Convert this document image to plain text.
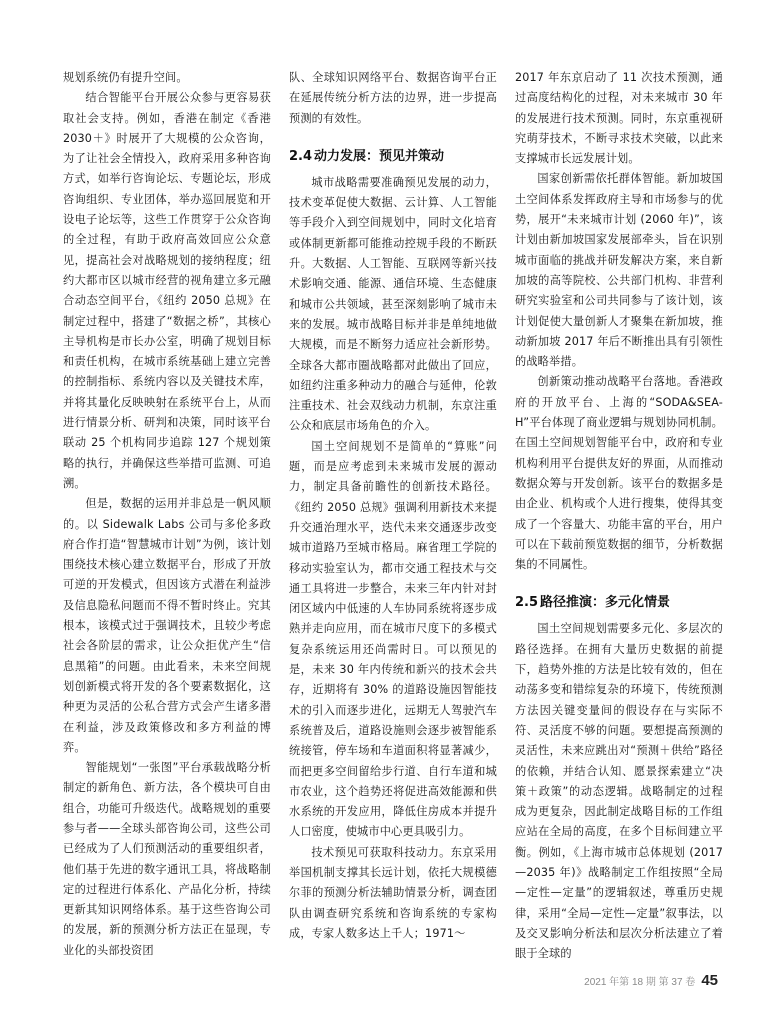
规划系统仍有提升空间。

结合智能平台开展公众参与更容易获取社会支持。例如，香港在制定《香港 2030＋》时展开了大规模的公众咨询，为了让社会全情投入，政府采用多种咨询方式，如举行咨询论坛、专题论坛，形成咨询组织、专业团体，举办巡回展览和开设电子论坛等，这些工作贯穿于公众咨询的全过程，有助于政府高效回应公众意见，提高社会对战略规划的接纳程度；纽约大都市区以城市经营的视角建立多元融合动态空间平台，《纽约 2050 总规》在制定过程中，搭建了“数据之桥”，其核心主导机构是市长办公室，明确了规划目标和责任机构，在城市系统基础上建立完善的控制指标、系统内容以及关键技术库，并将其量化反映映射在系统平台上，从而进行情景分析、研判和决策，同时该平台联动 25 个机构同步追踪 127 个规划策略的执行，并确保这些举措可监测、可追溯。

但是，数据的运用并非总是一帆风顺的。以 Sidewalk Labs 公司与多伦多政府合作打造“智慧城市计划”为例，该计划围绕技术核心建立数据平台，形成了开放可逆的开发模式，但因该方式潜在利益涉及信息隐私问题而不得不暂时终止。究其根本，该模式过于强调技术，且较少考虑社会各阶层的需求，让公众拒优产生“信息黑箱”的问题。由此看来，未来空间规划创新模式将开发的各个要素数据化，这种更为灵活的公私合营方式会产生诸多潜在利益，涉及政策修改和多方利益的博弈。

智能规划“一张图”平台承载战略分析制定的新角色、新方法，各个模块可自由组合，功能可升级迭代。战略规划的重要参与者——全球头部咨询公司，这些公司已经成为了人们预测活动的重要组织者，他们基于先进的数字通讯工具，将战略制定的过程进行体系化、产品化分析，持续更新其知识网络体系。基于这些咨询公司的发展，新的预测分析方法正在显现，专业化的头部投资团

队、全球知识网络平台、数据咨询平台正在延展传统分析方法的边界，进一步提高预测的有效性。

2.4 动力发展：预见并策动

城市战略需要准确预见发展的动力，技术变革促使大数据、云计算、人工智能等手段介入到空间规划中，同时文化培育或体制更新都可能推动控规手段的不断跃升。大数据、人工智能、互联网等新兴技术影响交通、能源、通信环境、生态健康和城市公共领域，甚至深刻影响了城市未来的发展。城市战略目标并非是单纯地做大规模，而是不断努力适应社会新形势。全球各大都市圈战略都对此做出了回应，如纽约注重多种动力的融合与延伸，伦敦注重技术、社会双线动力机制，东京注重公众和底层市场角色的介入。

国土空间规划不是简单的“算账”问题，而是应考虑到未来城市发展的源动力，制定具备前瞻性的创新技术路径。《纽约 2050 总规》强调利用新技术来提升交通治理水平，迭代未来交通逐步改变城市道路乃至城市格局。麻省理工学院的移动实验室认为，都市交通工程技术与交通工具将进一步整合，未来三年内针对封闭区域内中低速的人车协同系统将逐步成熟并走向应用，而在城市尺度下的多模式复杂系统运用还尚需时日。可以预见的是，未来 30 年内传统和新兴的技术会共存，近期将有 30% 的道路设施因智能技术的引入而逐步进化，远期无人驾驶汽车系统普及后，道路设施则会逐步被智能系统接管，停车场和车道面积将显著减少，而把更多空间留给步行道、自行车道和城市农业，这个趋势还将促进高效能源和供水系统的开发应用，降低住房成本并提升人口密度，使城市中心更具吸引力。

技术预见可获取科技动力。东京采用举国机制支撑其长远计划，依托大规模德尔菲的预测分析法辅助情景分析，调查团队由调查研究系统和咨询系统的专家构成，专家人数多达上千人；1971～

2017 年东京启动了 11 次技术预测，通过高度结构化的过程，对未来城市 30 年的发展进行技术预测。同时，东京重视研究萌芽技术，不断寻求技术突破，以此来支撑城市长远发展计划。

国家创新需依托群体智能。新加坡国土空间体系发挥政府主导和市场参与的优势，展开“未来城市计划 (2060 年)”，该计划由新加坡国家发展部牵头，旨在识别城市面临的挑战并研发解决方案，来自新加坡的高等院校、公共部门机构、非营利研究实验室和公司共同参与了该计划，该计划促使大量创新人才聚集在新加坡，推动新加坡 2017 年后不断推出具有引领性的战略举措。

创新策动推动战略平台落地。香港政府的开放平台、上海的“SODA&SEA-H”平台体现了商业逻辑与规划协同机制。在国土空间规划智能平台中，政府和专业机构利用平台提供友好的界面，从而推动数据众筹与开发创新。该平台的数据多是由企业、机构或个人进行搜集，使得其变成了一个容量大、功能丰富的平台，用户可以在下载前预览数据的细节，分析数据集的不同属性。

2.5 路径推演：多元化情景

国土空间规划需要多元化、多层次的路径选择。在拥有大量历史数据的前提下，趋势外推的方法是比较有效的，但在动荡多变和错综复杂的环境下，传统预测方法因关键变量间的假设存在与实际不符、灵活度不够的问题。要想提高预测的灵活性，未来应跳出对“预测＋供给”路径的依赖，并结合认知、愿景探索建立“决策＋政策”的动态逻辑。战略制定的过程成为更复杂，因此制定战略目标的工作组应站在全局的高度，在多个目标间建立平衡。例如，《上海市城市总体规划 (2017—2035 年)》战略制定工作组按照“全局—定性—定量”的逻辑叙述，尊重历史规律，采用“全局—定性—定量”叙事法，以及交叉影响分析法和层次分析法建立了着眼于全球的

2021 年第 18 期 第 37 卷 45
